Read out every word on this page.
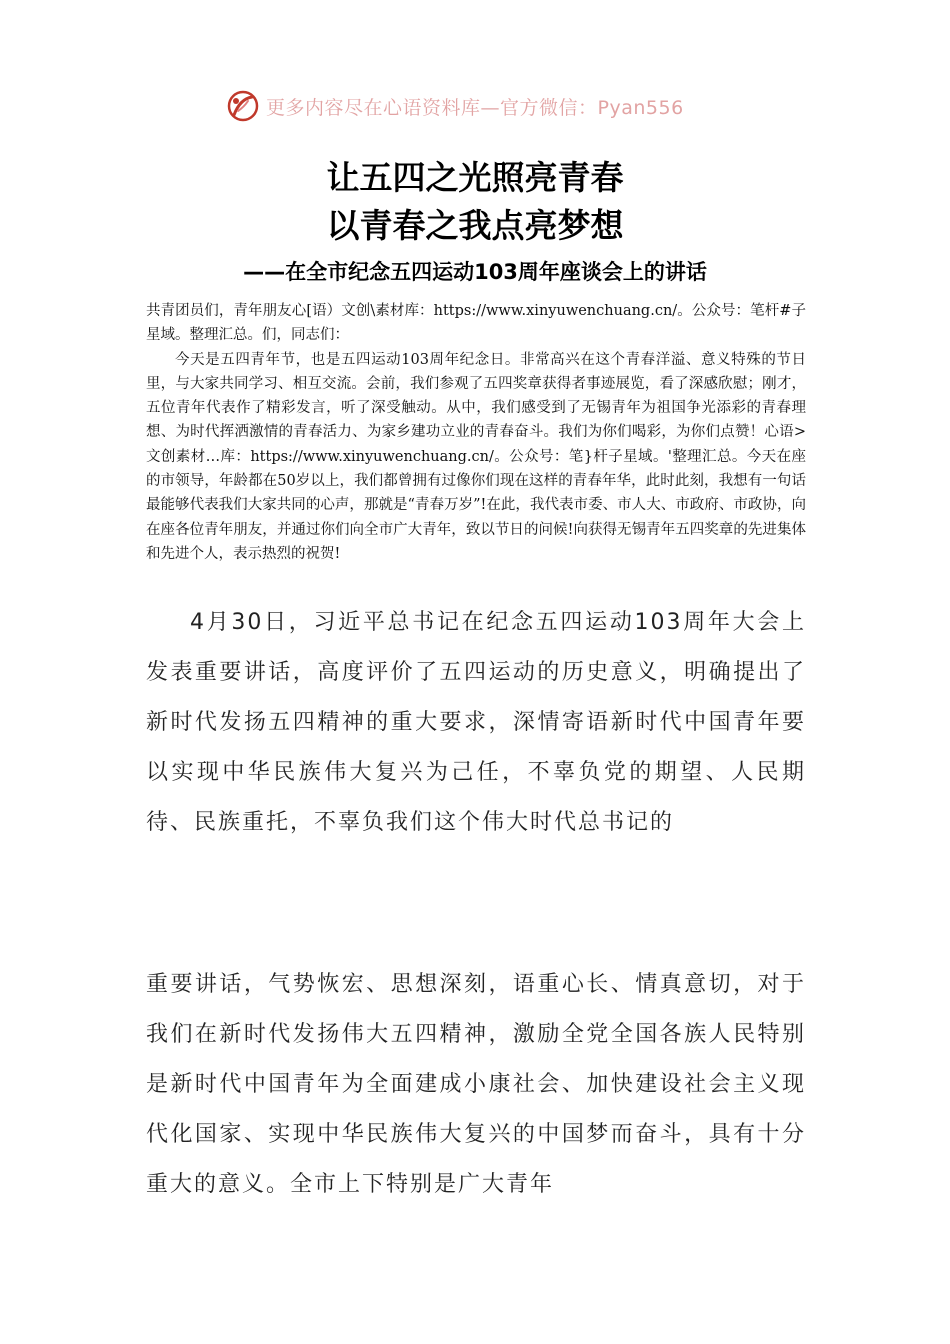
更多内容尽在心语资料库—官方微信：Pyan556
让五四之光照亮青春
以青春之我点亮梦想
——在全市纪念五四运动103周年座谈会上的讲话

共青团员们，青年朋友心[语）文创\素材库：https://www.xinyuwenchuang.cn/。公众号：笔杆#子星域。整理汇总。们，同志们：

今天是五四青年节，也是五四运动103周年纪念日。非常高兴在这个青春洋溢、意义特殊的节日里，与大家共同学习、相互交流。会前，我们参观了五四奖章获得者事迹展览，看了深感欣慰；刚才，五位青年代表作了精彩发言，听了深受触动。从中，我们感受到了无锡青年为祖国争光添彩的青春理想、为时代挥洒激情的青春活力、为家乡建功立业的青春奋斗。我们为你们喝彩，为你们点赞！心语>文创素材…库：https://www.xinyuwenchuang.cn/。公众号：笔}杆子星域。'整理汇总。今天在座的市领导，年龄都在50岁以上，我们都曾拥有过像你们现在这样的青春年华，此时此刻，我想有一句话最能够代表我们大家共同的心声，那就是“青春万岁”!在此，我代表市委、市人大、市政府、市政协，向在座各位青年朋友，并通过你们向全市广大青年，致以节日的问候!向获得无锡青年五四奖章的先进集体和先进个人，表示热烈的祝贺!

4月30日，习近平总书记在纪念五四运动103周年大会上发表重要讲话，高度评价了五四运动的历史意义，明确提出了新时代发扬五四精神的重大要求，深情寄语新时代中国青年要以实现中华民族伟大复兴为己任，不辜负党的期望、人民期待、民族重托，不辜负我们这个伟大时代总书记的

重要讲话，气势恢宏、思想深刻，语重心长、情真意切，对于我们在新时代发扬伟大五四精神，激励全党全国各族人民特别是新时代中国青年为全面建成小康社会、加快建设社会主义现代化国家、实现中华民族伟大复兴的中国梦而奋斗，具有十分重大的意义。全市上下特别是广大青年
